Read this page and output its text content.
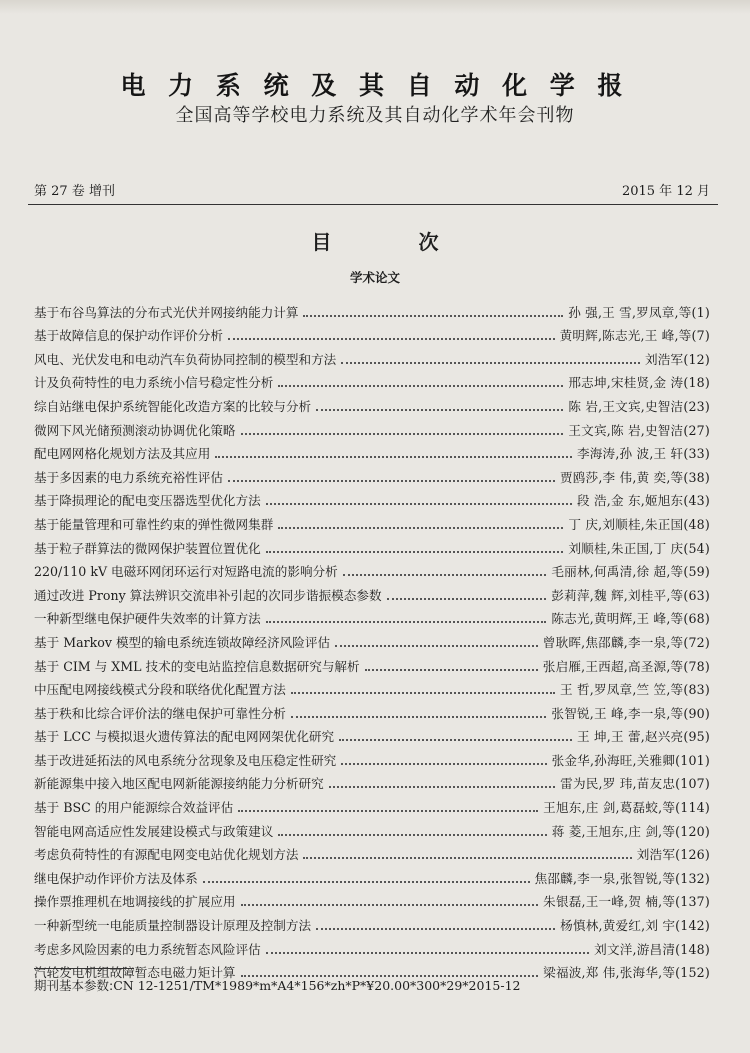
电 力 系 统 及 其 自 动 化 学 报
全国高等学校电力系统及其自动化学术年会刊物
第 27 卷 增刊	2015 年 12 月
目 次
学术论文
基于布谷鸟算法的分布式光伏并网接纳能力计算	孙 强,王 雪,罗凤章,等(1)
基于故障信息的保护动作评价分析	黄明辉,陈志光,王 峰,等(7)
风电、光伏发电和电动汽车负荷协同控制的模型和方法	刘浩军(12)
计及负荷特性的电力系统小信号稳定性分析	邢志坤,宋桂贤,金 涛(18)
综自站继电保护系统智能化改造方案的比较与分析	陈 岩,王文宾,史智洁(23)
微网下风光储预测滚动协调优化策略	王文宾,陈 岩,史智洁(27)
配电网网格化规划方法及其应用	李海涛,孙 波,王 轩(33)
基于多因素的电力系统充裕性评估	贾鸥莎,李 伟,黄 奕,等(38)
基于降损理论的配电变压器选型优化方法	段 浩,金 东,姬旭东(43)
基于能量管理和可靠性约束的弹性微网集群	丁 庆,刘顺桂,朱正国(48)
基于粒子群算法的微网保护装置位置优化	刘顺桂,朱正国,丁 庆(54)
220/110 kV 电磁环网闭环运行对短路电流的影响分析	毛丽林,何禹清,徐 超,等(59)
通过改进 Prony 算法辨识交流串补引起的次同步谐振模态参数	彭莉萍,魏 辉,刘桂平,等(63)
一种新型继电保护硬件失效率的计算方法	陈志光,黄明辉,王 峰,等(68)
基于 Markov 模型的输电系统连锁故障经济风险评估	曾耿晖,焦邵麟,李一泉,等(72)
基于 CIM 与 XML 技术的变电站监控信息数据研究与解析	张启雁,王西超,高圣源,等(78)
中压配电网接线模式分段和联络优化配置方法	王 哲,罗凤章,竺 笠,等(83)
基于秩和比综合评价法的继电保护可靠性分析	张智锐,王 峰,李一泉,等(90)
基于 LCC 与模拟退火遗传算法的配电网网架优化研究	王 坤,王 蕾,赵兴亮(95)
基于改进延拓法的风电系统分岔现象及电压稳定性研究	张金华,孙海旺,关雅卿(101)
新能源集中接入地区配电网新能源接纳能力分析研究	雷为民,罗 玮,苗友忠(107)
基于 BSC 的用户能源综合效益评估	王旭东,庄 剑,葛磊蛟,等(114)
智能电网高适应性发展建设模式与政策建议	蒋 菱,王旭东,庄 剑,等(120)
考虑负荷特性的有源配电网变电站优化规划方法	刘浩军(126)
继电保护动作评价方法及体系	焦邵麟,李一泉,张智锐,等(132)
操作票推理机在地调接线的扩展应用	朱银磊,王一峰,贺 楠,等(137)
一种新型统一电能质量控制器设计原理及控制方法	杨慎林,黄爱红,刘 宇(142)
考虑多风险因素的电力系统暂态风险评估	刘文洋,游昌清(148)
汽轮发电机组故障暂态电磁力矩计算	梁福波,郑 伟,张海华,等(152)
期刊基本参数:CN 12-1251/TM*1989*m*A4*156*zh*P*¥20.00*300*29*2015-12
